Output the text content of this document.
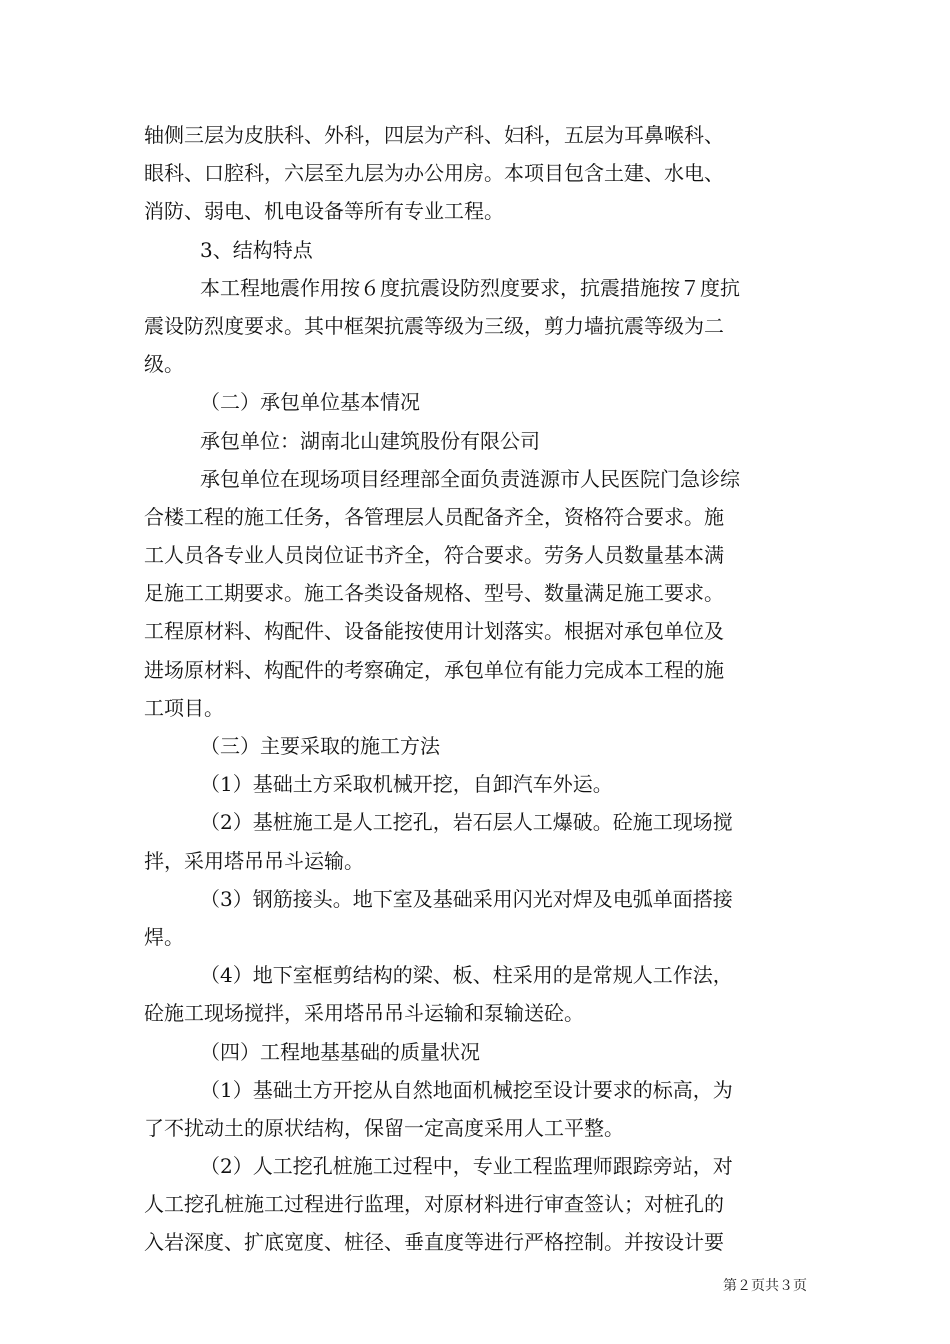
轴侧三层为皮肤科、外科，四层为产科、妇科，五层为耳鼻喉科、
眼科、口腔科，六层至九层为办公用房。本项目包含土建、水电、
消防、弱电、机电设备等所有专业工程。
3、结构特点
本工程地震作用按６度抗震设防烈度要求，抗震措施按７度抗
震设防烈度要求。其中框架抗震等级为三级，剪力墙抗震等级为二
级。
（二）承包单位基本情况
承包单位：湖南北山建筑股份有限公司
承包单位在现场项目经理部全面负责涟源市人民医院门急诊综
合楼工程的施工任务，各管理层人员配备齐全，资格符合要求。施
工人员各专业人员岗位证书齐全，符合要求。劳务人员数量基本满
足施工工期要求。施工各类设备规格、型号、数量满足施工要求。
工程原材料、构配件、设备能按使用计划落实。根据对承包单位及
进场原材料、构配件的考察确定，承包单位有能力完成本工程的施
工项目。
（三）主要采取的施工方法
（1）基础土方采取机械开挖，自卸汽车外运。
（2）基桩施工是人工挖孔，岩石层人工爆破。砼施工现场搅
拌，采用塔吊吊斗运输。
（3）钢筋接头。地下室及基础采用闪光对焊及电弧单面搭接
焊。
（4）地下室框剪结构的梁、板、柱采用的是常规人工作法，
砼施工现场搅拌，采用塔吊吊斗运输和泵输送砼。
（四）工程地基基础的质量状况
（1）基础土方开挖从自然地面机械挖至设计要求的标高，为
了不扰动土的原状结构，保留一定高度采用人工平整。
（2）人工挖孔桩施工过程中，专业工程监理师跟踪旁站，对
人工挖孔桩施工过程进行监理，对原材料进行审查签认；对桩孔的
入岩深度、扩底宽度、桩径、垂直度等进行严格控制。并按设计要
第２页共３页
